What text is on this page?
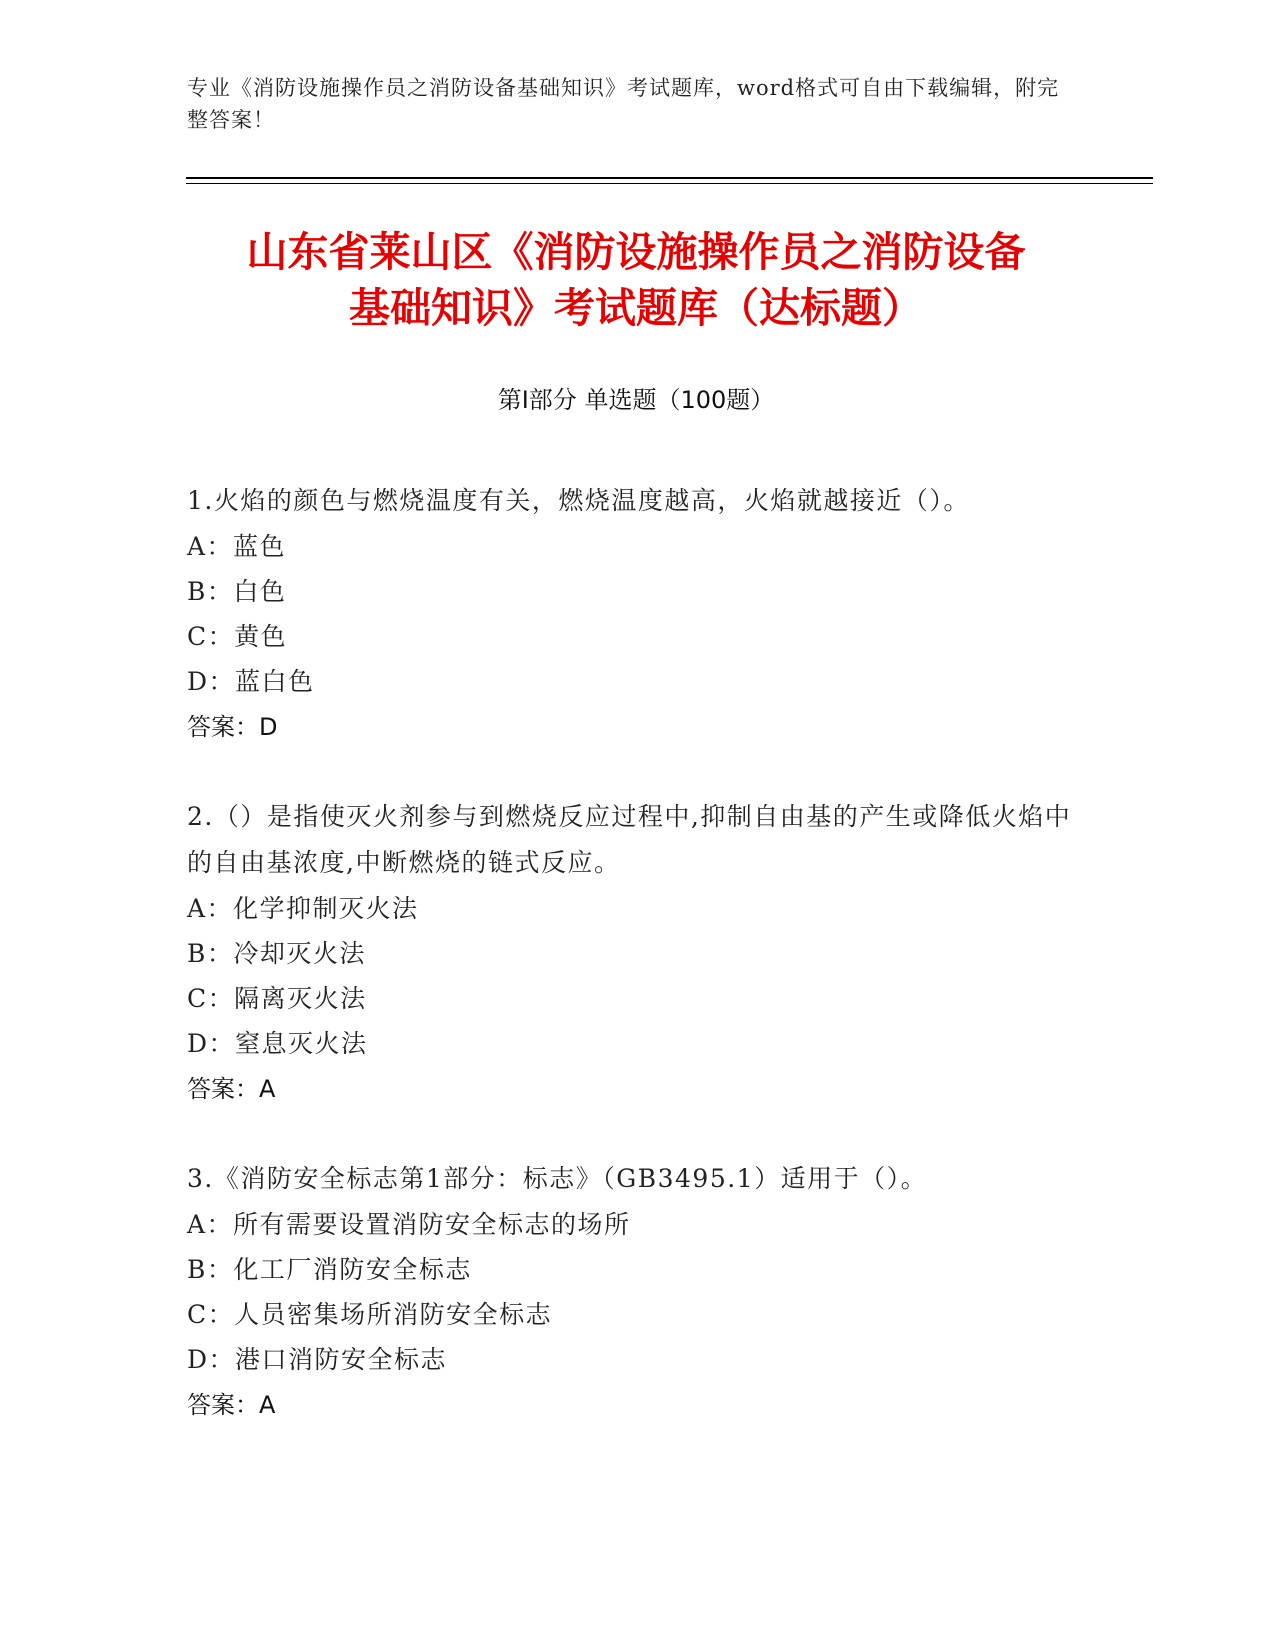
专业《消防设施操作员之消防设备基础知识》考试题库，word格式可自由下载编辑，附完整答案！
山东省莱山区《消防设施操作员之消防设备
基础知识》考试题库（达标题）
第I部分 单选题（100题）
1.火焰的颜色与燃烧温度有关，燃烧温度越高，火焰就越接近（）。
A：蓝色
B：白色
C：黄色
D：蓝白色
答案：D
2.（）是指使灭火剂参与到燃烧反应过程中,抑制自由基的产生或降低火焰中的自由基浓度,中断燃烧的链式反应。
A：化学抑制灭火法
B：冷却灭火法
C：隔离灭火法
D：窒息灭火法
答案：A
3.《消防安全标志第1部分：标志》（GB3495.1）适用于（）。
A：所有需要设置消防安全标志的场所
B：化工厂消防安全标志
C：人员密集场所消防安全标志
D：港口消防安全标志
答案：A
